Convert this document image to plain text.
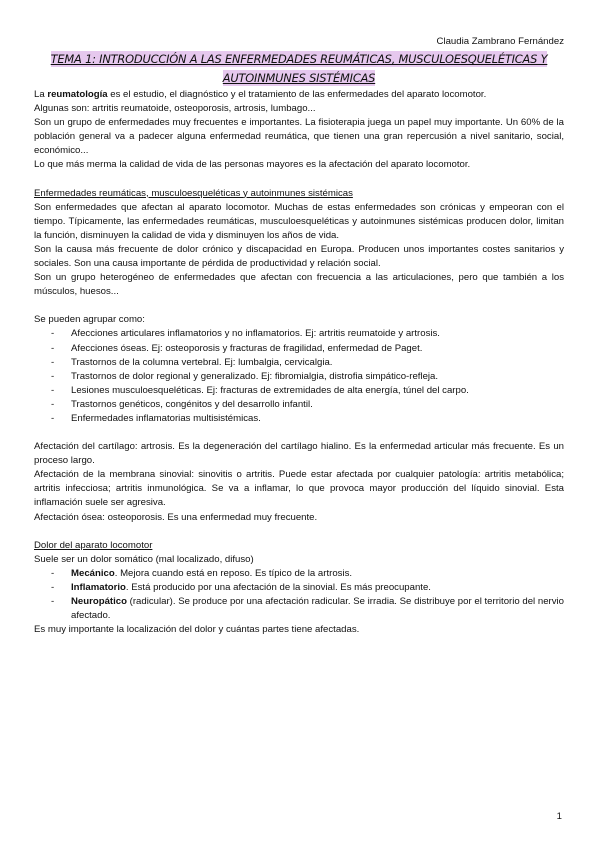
Claudia Zambrano Fernández
TEMA 1: INTRODUCCIÓN A LAS ENFERMEDADES REUMÁTICAS, MUSCULOESQUELÉTICAS Y
AUTOINMUNES SISTÉMICAS

La reumatología es el estudio, el diagnóstico y el tratamiento de las enfermedades del aparato locomotor.

Algunas son: artritis reumatoide, osteoporosis, artrosis, lumbago...

Son un grupo de enfermedades muy frecuentes e importantes. La fisioterapia juega un papel muy importante. Un 60% de la población general va a padecer alguna enfermedad reumática, que tienen una gran repercusión a nivel sanitario, social, económico...

Lo que más merma la calidad de vida de las personas mayores es la afectación del aparato locomotor.

Enfermedades reumáticas, musculoesqueléticas y autoinmunes sistémicas

Son enfermedades que afectan al aparato locomotor. Muchas de estas enfermedades son crónicas y empeoran con el tiempo. Típicamente, las enfermedades reumáticas, musculoesqueléticas y autoinmunes sistémicas producen dolor, limitan la función, disminuyen la calidad de vida y disminuyen los años de vida.

Son la causa más frecuente de dolor crónico y discapacidad en Europa. Producen unos importantes costes sanitarios y sociales. Son una causa importante de pérdida de productividad y relación social.

Son un grupo heterogéneo de enfermedades que afectan con frecuencia a las articulaciones, pero que también a los músculos, huesos...

Se pueden agrupar como:

- Afecciones articulares inflamatorios y no inflamatorios. Ej: artritis reumatoide y artrosis.
- Afecciones óseas. Ej: osteoporosis y fracturas de fragilidad, enfermedad de Paget.
- Trastornos de la columna vertebral. Ej: lumbalgia, cervicalgia.
- Trastornos de dolor regional y generalizado. Ej: fibromialgia, distrofia simpático-refleja.
- Lesiones musculoesqueléticas. Ej: fracturas de extremidades de alta energía, túnel del carpo.
- Trastornos genéticos, congénitos y del desarrollo infantil.
- Enfermedades inflamatorias multisistémicas.

Afectación del cartílago: artrosis. Es la degeneración del cartílago hialino. Es la enfermedad articular más frecuente. Es un proceso largo.

Afectación de la membrana sinovial: sinovitis o artritis. Puede estar afectada por cualquier patología: artritis metabólica; artritis infecciosa; artritis inmunológica. Se va a inflamar, lo que provoca mayor producción del líquido sinovial. Esta inflamación suele ser agresiva.

Afectación ósea: osteoporosis. Es una enfermedad muy frecuente.

Dolor del aparato locomotor

Suele ser un dolor somático (mal localizado, difuso)

- Mecánico. Mejora cuando está en reposo. Es típico de la artrosis.
- Inflamatorio. Está producido por una afectación de la sinovial. Es más preocupante.
- Neuropático (radicular). Se produce por una afectación radicular. Se irradia. Se distribuye por el territorio del nervio afectado.

Es muy importante la localización del dolor y cuántas partes tiene afectadas.

1
